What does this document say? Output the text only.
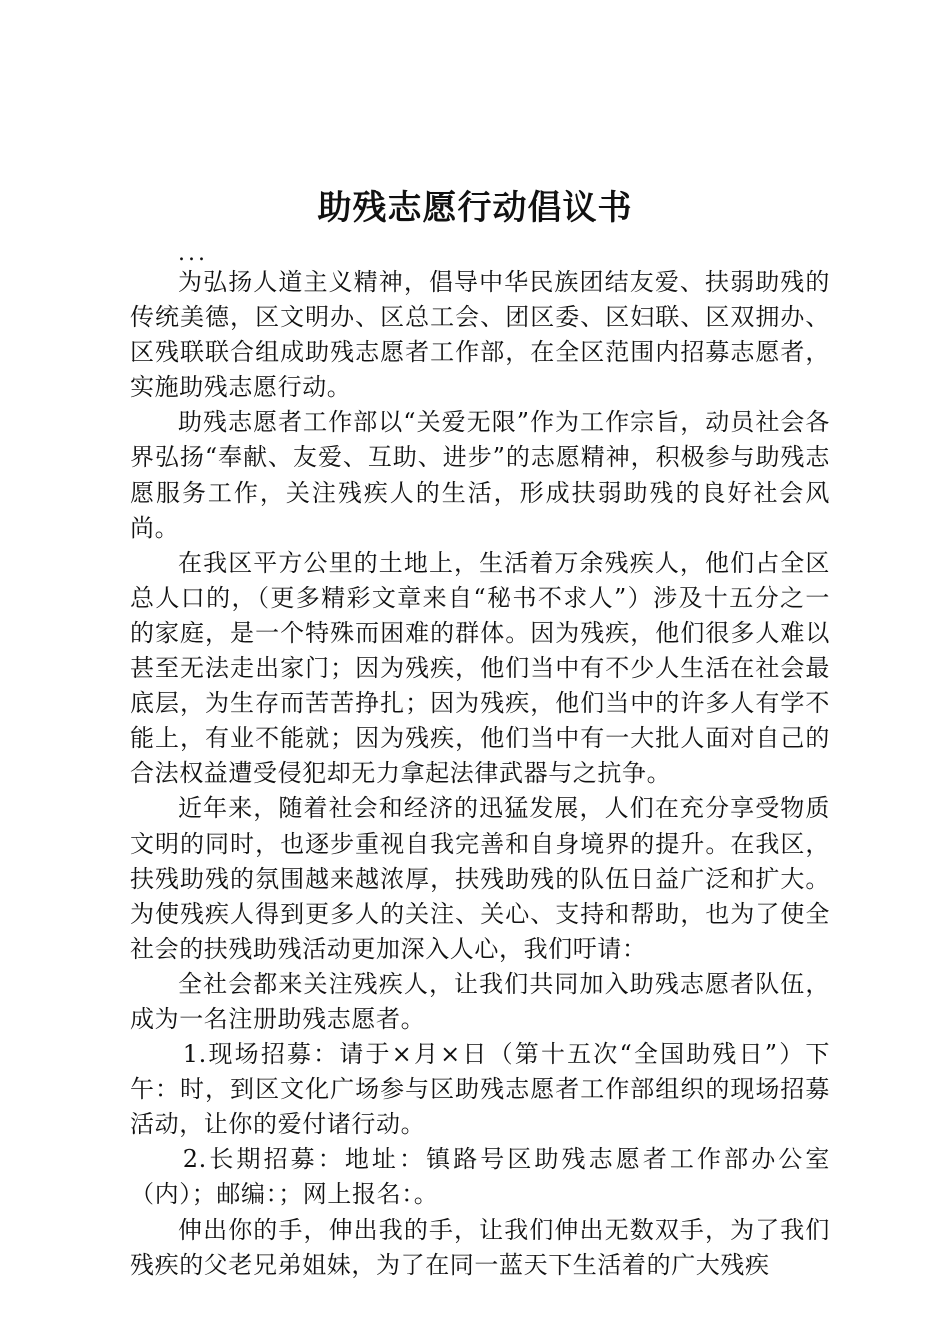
助残志愿行动倡议书

...

为弘扬人道主义精神，倡导中华民族团结友爱、扶弱助残的传统美德，区文明办、区总工会、团区委、区妇联、区双拥办、区残联联合组成助残志愿者工作部，在全区范围内招募志愿者，实施助残志愿行动。

助残志愿者工作部以“关爱无限”作为工作宗旨，动员社会各界弘扬“奉献、友爱、互助、进步”的志愿精神，积极参与助残志愿服务工作，关注残疾人的生活，形成扶弱助残的良好社会风尚。

在我区平方公里的土地上，生活着万余残疾人，他们占全区总人口的，（更多精彩文章来自“秘书不求人”）涉及十五分之一的家庭，是一个特殊而困难的群体。因为残疾，他们很多人难以甚至无法走出家门；因为残疾，他们当中有不少人生活在社会最底层，为生存而苦苦挣扎；因为残疾，他们当中的许多人有学不能上，有业不能就；因为残疾，他们当中有一大批人面对自己的合法权益遭受侵犯却无力拿起法律武器与之抗争。

近年来，随着社会和经济的迅猛发展，人们在充分享受物质文明的同时，也逐步重视自我完善和自身境界的提升。在我区，扶残助残的氛围越来越浓厚，扶残助残的队伍日益广泛和扩大。为使残疾人得到更多人的关注、关心、支持和帮助，也为了使全社会的扶残助残活动更加深入人心，我们吁请：

全社会都来关注残疾人，让我们共同加入助残志愿者队伍，成为一名注册助残志愿者。

1.现场招募：请于×月×日（第十五次“全国助残日”）下午：时，到区文化广场参与区助残志愿者工作部组织的现场招募活动，让你的爱付诸行动。

2.长期招募：地址：镇路号区助残志愿者工作部办公室（内）；邮编：；网上报名：。

伸出你的手，伸出我的手，让我们伸出无数双手，为了我们残疾的父老兄弟姐妹，为了在同一蓝天下生活着的广大残疾
